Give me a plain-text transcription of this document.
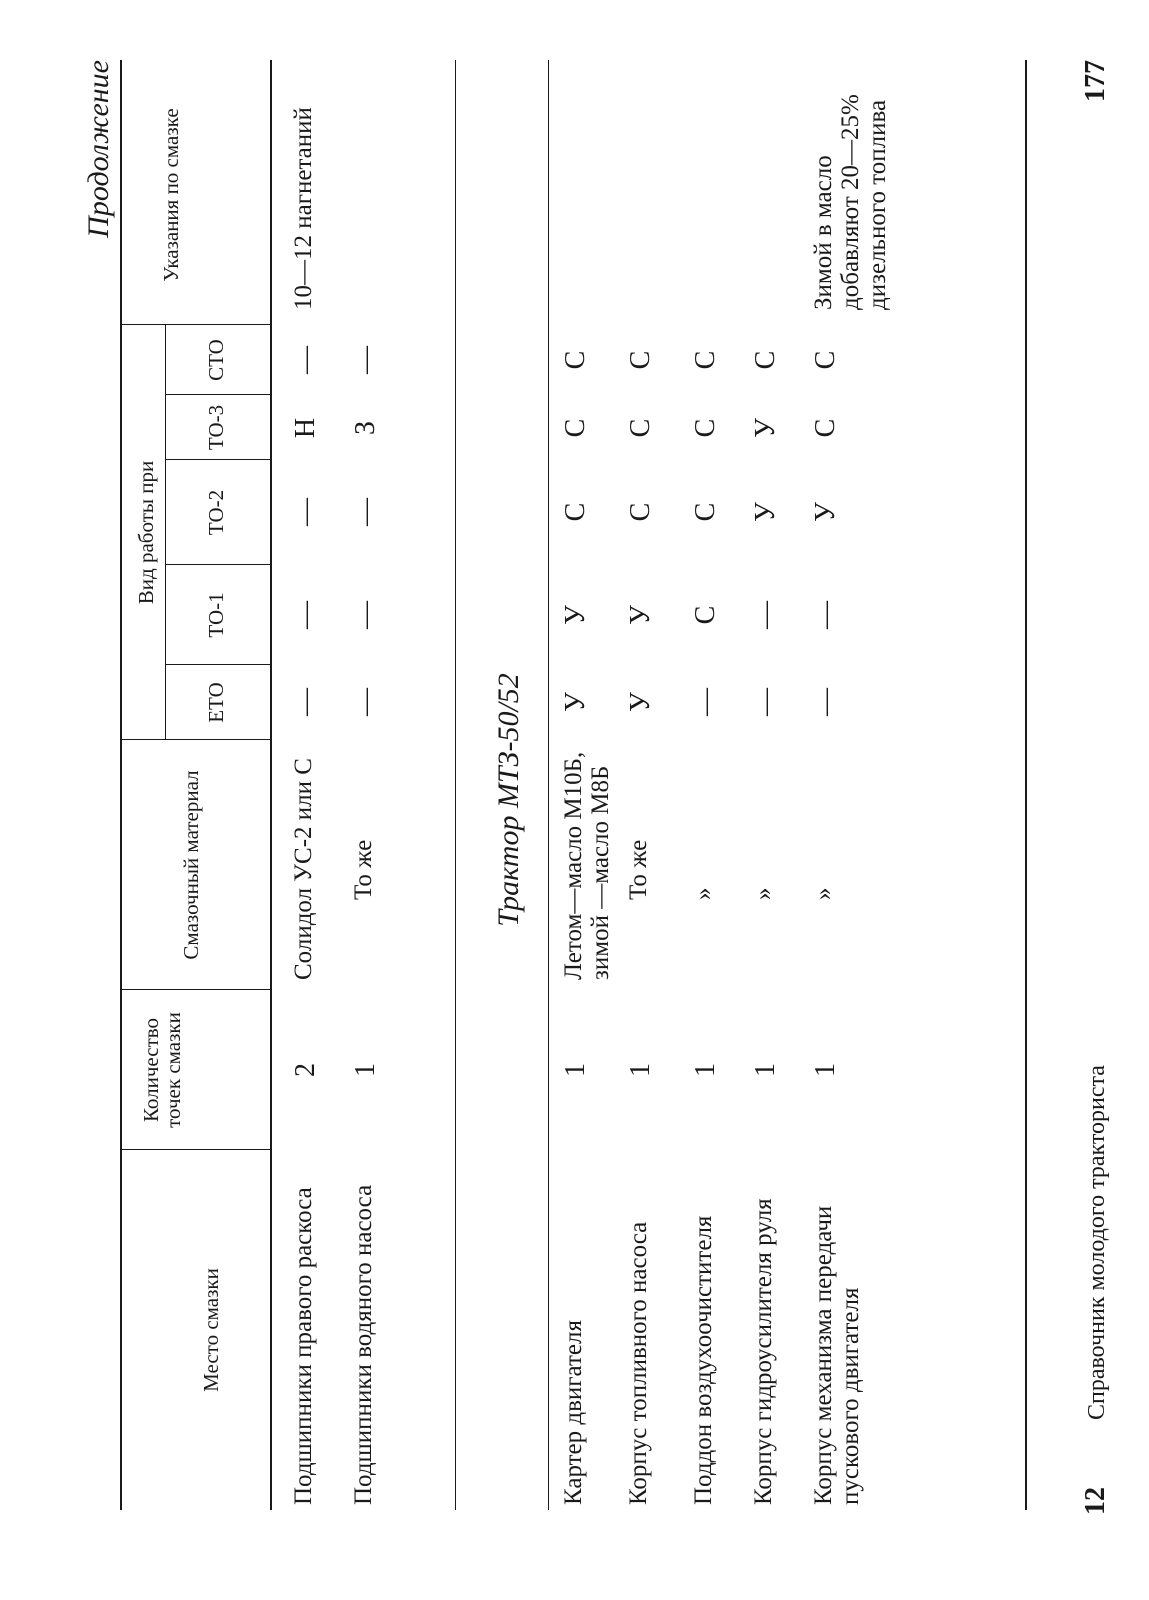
Продолжение
Место смазки
Количество точек смазки
Смазочный материал
Вид работы при
ЕТО
ТО-1
ТО-2
ТО-3
СТО
Указания по смазке
Подшипники правого раскоса
2
Солидол УС-2 или С
—
—
—
Н
—
10—12 нагнетаний
Подшипники водяного насоса
1
То же
—
—
—
З
—
Трактор МТЗ-50/52
Картер двигателя
1
Летом—масло М10Б, зимой —масло М8Б
У
У
С
С
С
Корпус топливного насоса
1
То же
У
У
С
С
С
Поддон воздухоочистителя
1
»
—
С
С
С
С
Корпус гидроусилителя руля
1
»
—
—
У
У
С
Корпус механизма передачи пускового двигателя
1
»
—
—
У
С
С
Зимой в масло добавляют 20—25% дизельного топлива
12
Справочник молодого тракториста
177
